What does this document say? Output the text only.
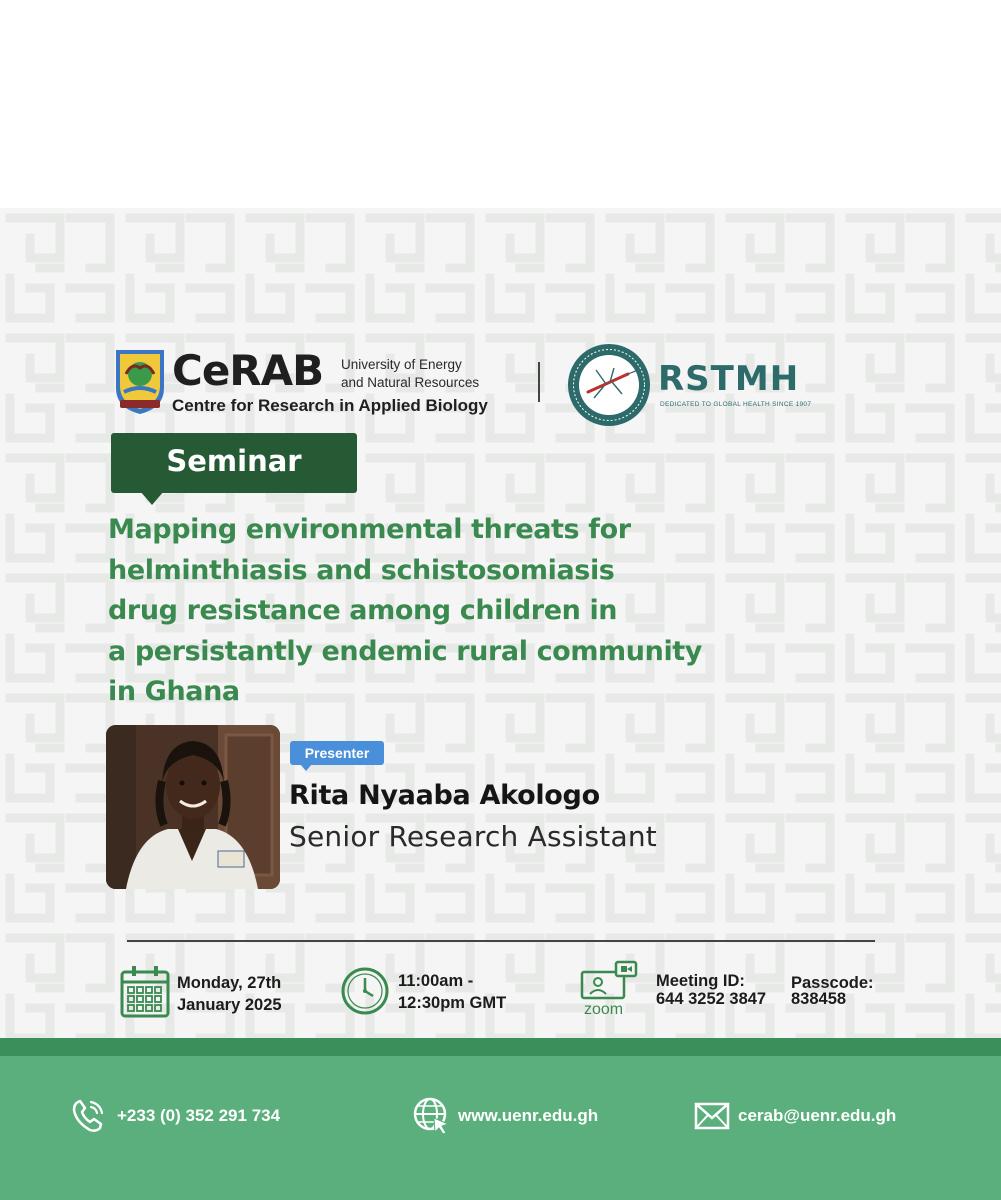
CeRAB University of Energy
and Natural Resources
Centre for Research in Applied Biology
RSTMH
DEDICATED TO GLOBAL HEALTH SINCE 1907
Seminar
Mapping environmental threats for
helminthiasis and schistosomiasis
drug resistance among children in
a persistantly endemic rural community
in Ghana
Presenter
Rita Nyaaba Akologo
Senior Research Assistant
Monday, 27th
January 2025
11:00am -
12:30pm GMT	zoom
Meeting ID:
644 3252 3847
Passcode:
838458
+233 (0) 352 291 734	www.uenr.edu.gh	cerab@uenr.edu.gh
